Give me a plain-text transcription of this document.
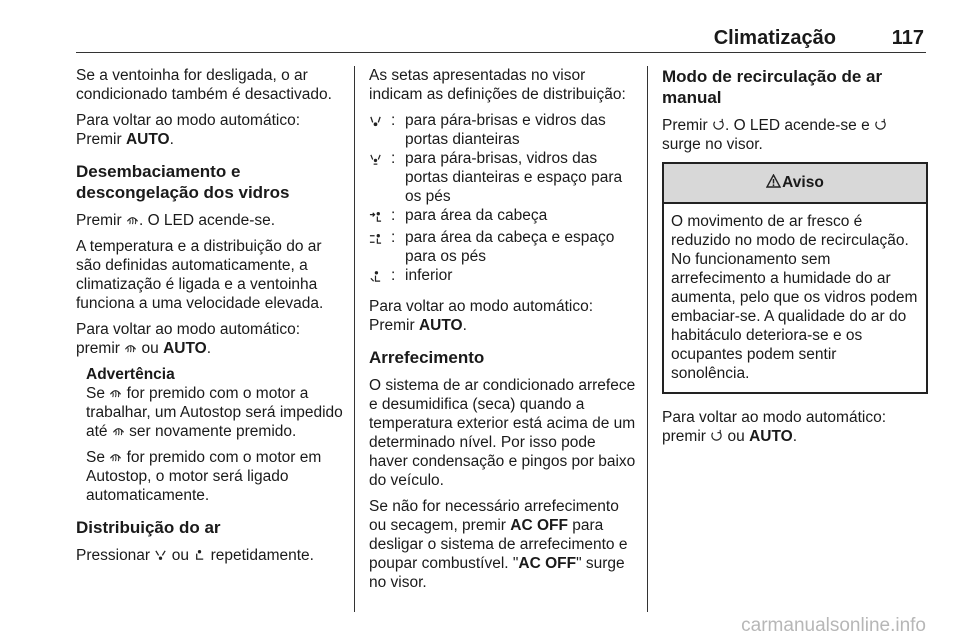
Climatização	117

Se a ventoinha for desligada, o ar condicionado também é desactivado.

Para voltar ao modo automático: Premir AUTO.

Desembaciamento e descongelação dos vidros

Premir
. O LED acende-se.

A temperatura e a distribuição do ar são definidas automaticamente, a climatização é ligada e a ventoinha funciona a uma velocidade elevada.

Para voltar ao modo automático: premir
ou AUTO.

Advertência

Se
for premido com o motor a trabalhar, um Autostop será impedido até
ser novamente premido.

Se
for premido com o motor em Autostop, o motor será ligado automaticamente.

Distribuição do ar

Pressionar
ou
repetidamente.

As setas apresentadas no visor indicam as definições de distribuição:

: para pára-brisas e vidros das portas dianteiras
: para pára-brisas, vidros das portas dianteiras e espaço para os pés
: para área da cabeça
: para área da cabeça e espaço para os pés
: inferior

Para voltar ao modo automático: Premir AUTO.

Arrefecimento

O sistema de ar condicionado arrefece e desumidifica (seca) quando a temperatura exterior está acima de um determinado nível. Por isso pode haver condensação e pingos por baixo do veículo.

Se não for necessário arrefecimento ou secagem, premir AC OFF para desligar o sistema de arrefecimento e poupar combustível. "AC OFF" surge no visor.

Modo de recirculação de ar manual

Premir
. O LED acende-se e
surge no visor.

Aviso
O movimento de ar fresco é reduzido no modo de recirculação. No funcionamento sem arrefecimento a humidade do ar aumenta, pelo que os vidros podem embaciar-se. A qualidade do ar do habitáculo deteriora-se e os ocupantes podem sentir sonolência.

Para voltar ao modo automático: premir
ou AUTO.

carmanualsonline.info
